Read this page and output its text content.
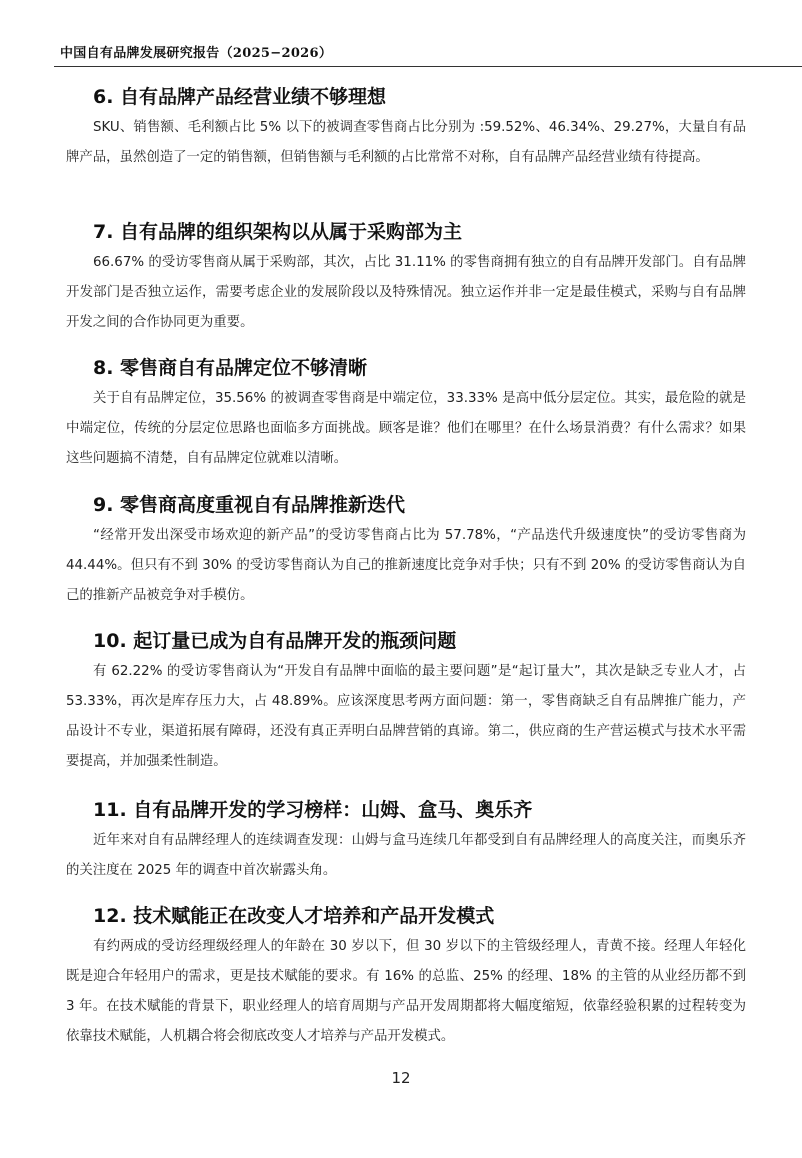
中国自有品牌发展研究报告（2025−2026）
6. 自有品牌产品经营业绩不够理想

SKU、销售额、毛利额占比 5% 以下的被调查零售商占比分别为 :59.52%、46.34%、29.27%，大量自有品牌产品，虽然创造了一定的销售额，但销售额与毛利额的占比常常不对称，自有品牌产品经营业绩有待提高。

7. 自有品牌的组织架构以从属于采购部为主

66.67% 的受访零售商从属于采购部，其次，占比 31.11% 的零售商拥有独立的自有品牌开发部门。自有品牌开发部门是否独立运作，需要考虑企业的发展阶段以及特殊情况。独立运作并非一定是最佳模式，采购与自有品牌开发之间的合作协同更为重要。

8. 零售商自有品牌定位不够清晰

关于自有品牌定位，35.56% 的被调查零售商是中端定位，33.33% 是高中低分层定位。其实，最危险的就是中端定位，传统的分层定位思路也面临多方面挑战。顾客是谁？他们在哪里？在什么场景消费？有什么需求？如果这些问题搞不清楚，自有品牌定位就难以清晰。

9. 零售商高度重视自有品牌推新迭代

“经常开发出深受市场欢迎的新产品”的受访零售商占比为 57.78%，“产品迭代升级速度快”的受访零售商为 44.44%。但只有不到 30% 的受访零售商认为自己的推新速度比竞争对手快；只有不到 20% 的受访零售商认为自己的推新产品被竞争对手模仿。

10. 起订量已成为自有品牌开发的瓶颈问题

有 62.22% 的受访零售商认为“开发自有品牌中面临的最主要问题”是“起订量大”，其次是缺乏专业人才，占 53.33%，再次是库存压力大，占 48.89%。应该深度思考两方面问题：第一，零售商缺乏自有品牌推广能力，产品设计不专业，渠道拓展有障碍，还没有真正弄明白品牌营销的真谛。第二，供应商的生产营运模式与技术水平需要提高，并加强柔性制造。

11. 自有品牌开发的学习榜样：山姆、盒马、奥乐齐

近年来对自有品牌经理人的连续调查发现：山姆与盒马连续几年都受到自有品牌经理人的高度关注，而奥乐齐的关注度在 2025 年的调查中首次崭露头角。

12. 技术赋能正在改变人才培养和产品开发模式

有约两成的受访经理级经理人的年龄在 30 岁以下，但 30 岁以下的主管级经理人，青黄不接。经理人年轻化既是迎合年轻用户的需求，更是技术赋能的要求。有 16% 的总监、25% 的经理、18% 的主管的从业经历都不到 3 年。在技术赋能的背景下，职业经理人的培育周期与产品开发周期都将大幅度缩短，依靠经验积累的过程转变为依靠技术赋能，人机耦合将会彻底改变人才培养与产品开发模式。

12
